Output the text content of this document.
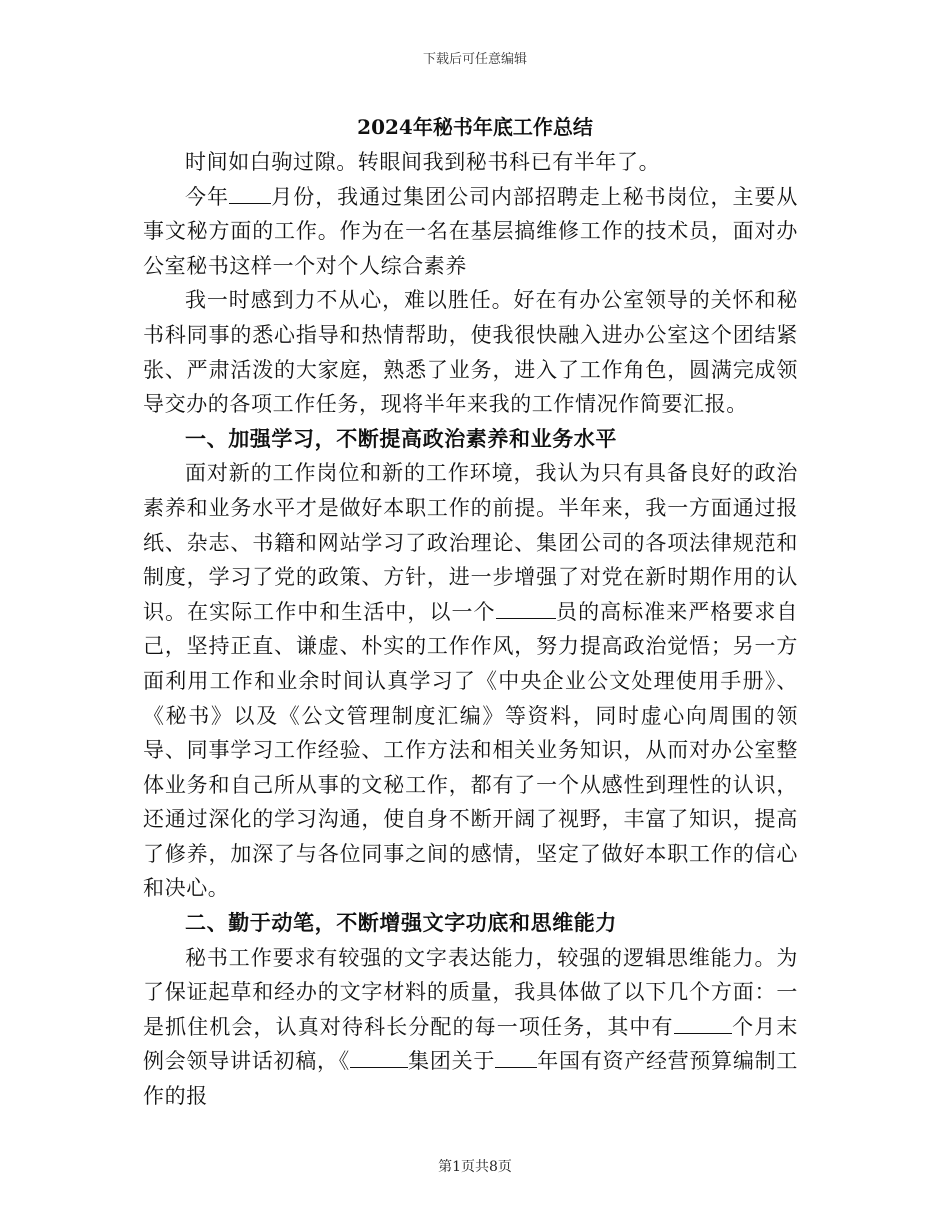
下载后可任意编辑
2024年秘书年底工作总结

时间如白驹过隙。转眼间我到秘书科已有半年了。

今年 月份，我通过集团公司内部招聘走上秘书岗位，主要从事文秘方面的工作。作为在一名在基层搞维修工作的技术员，面对办公室秘书这样一个对个人综合素养

我一时感到力不从心，难以胜任。好在有办公室领导的关怀和秘书科同事的悉心指导和热情帮助，使我很快融入进办公室这个团结紧张、严肃活泼的大家庭，熟悉了业务，进入了工作角色，圆满完成领导交办的各项工作任务，现将半年来我的工作情况作简要汇报。

一、加强学习，不断提高政治素养和业务水平

面对新的工作岗位和新的工作环境，我认为只有具备良好的政治素养和业务水平才是做好本职工作的前提。半年来，我一方面通过报纸、杂志、书籍和网站学习了政治理论、集团公司的各项法律规范和制度，学习了党的政策、方针，进一步增强了对党在新时期作用的认识。在实际工作中和生活中，以一个	员的高标准来严格要求自己，坚持正直、谦虚、朴实的工作作风，努力提高政治觉悟；另一方面利用工作和业余时间认真学习了《中央企业公文处理使用手册》、《秘书》以及《公文管理制度汇编》等资料，同时虚心向周围的领导、同事学习工作经验、工作方法和相关业务知识，从而对办公室整体业务和自己所从事的文秘工作，都有了一个从感性到理性的认识，还通过深化的学习沟通，使自身不断开阔了视野，丰富了知识，提高了修养，加深了与各位同事之间的感情，坚定了做好本职工作的信心和决心。

二、勤于动笔，不断增强文字功底和思维能力

秘书工作要求有较强的文字表达能力，较强的逻辑思维能力。为了保证起草和经办的文字材料的质量，我具体做了以下几个方面：一是抓住机会，认真对待科长分配的每一项任务，其中有	个月末例会领导讲话初稿，《	集团关于 年国有资产经营预算编制工作的报

第1页共8页
